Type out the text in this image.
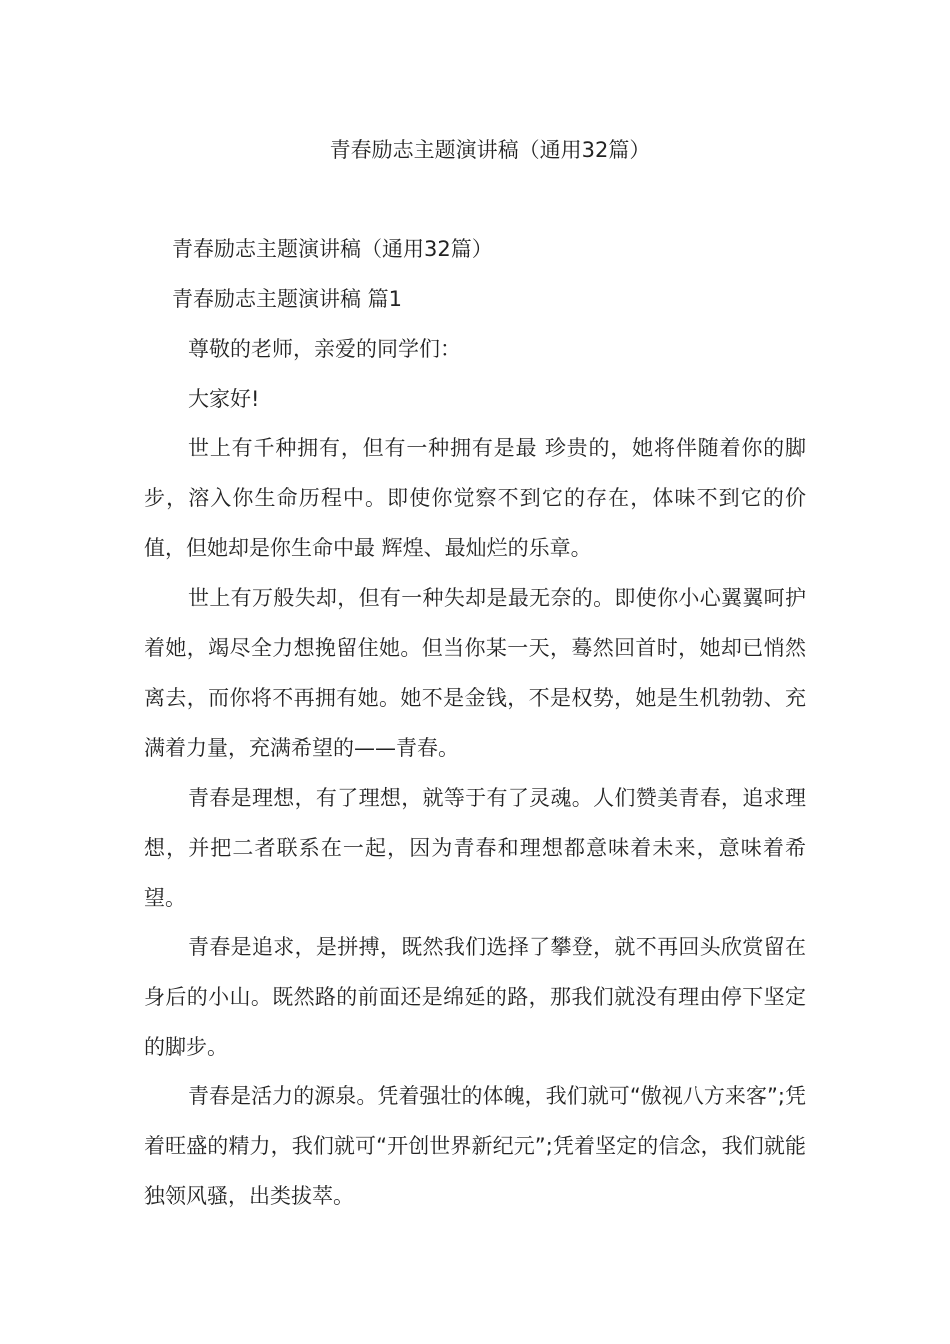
青春励志主题演讲稿（通用32篇）
青春励志主题演讲稿（通用32篇）
青春励志主题演讲稿 篇1
尊敬的老师，亲爱的同学们：
大家好!

世上有千种拥有，但有一种拥有是最 珍贵的，她将伴随着你的脚步，溶入你生命历程中。即使你觉察不到它的存在，体味不到它的价值，但她却是你生命中最 辉煌、最灿烂的乐章。

世上有万般失却，但有一种失却是最无奈的。即使你小心翼翼呵护着她，竭尽全力想挽留住她。但当你某一天，蓦然回首时，她却已悄然离去，而你将不再拥有她。她不是金钱，不是权势，她是生机勃勃、充满着力量，充满希望的——青春。

青春是理想，有了理想，就等于有了灵魂。人们赞美青春，追求理想，并把二者联系在一起，因为青春和理想都意味着未来，意味着希望。

青春是追求，是拼搏，既然我们选择了攀登，就不再回头欣赏留在身后的小山。既然路的前面还是绵延的路，那我们就没有理由停下坚定的脚步。

青春是活力的源泉。凭着强壮的体魄，我们就可“傲视八方来客”;凭着旺盛的精力，我们就可“开创世界新纪元”;凭着坚定的信念，我们就能独领风骚，出类拔萃。
